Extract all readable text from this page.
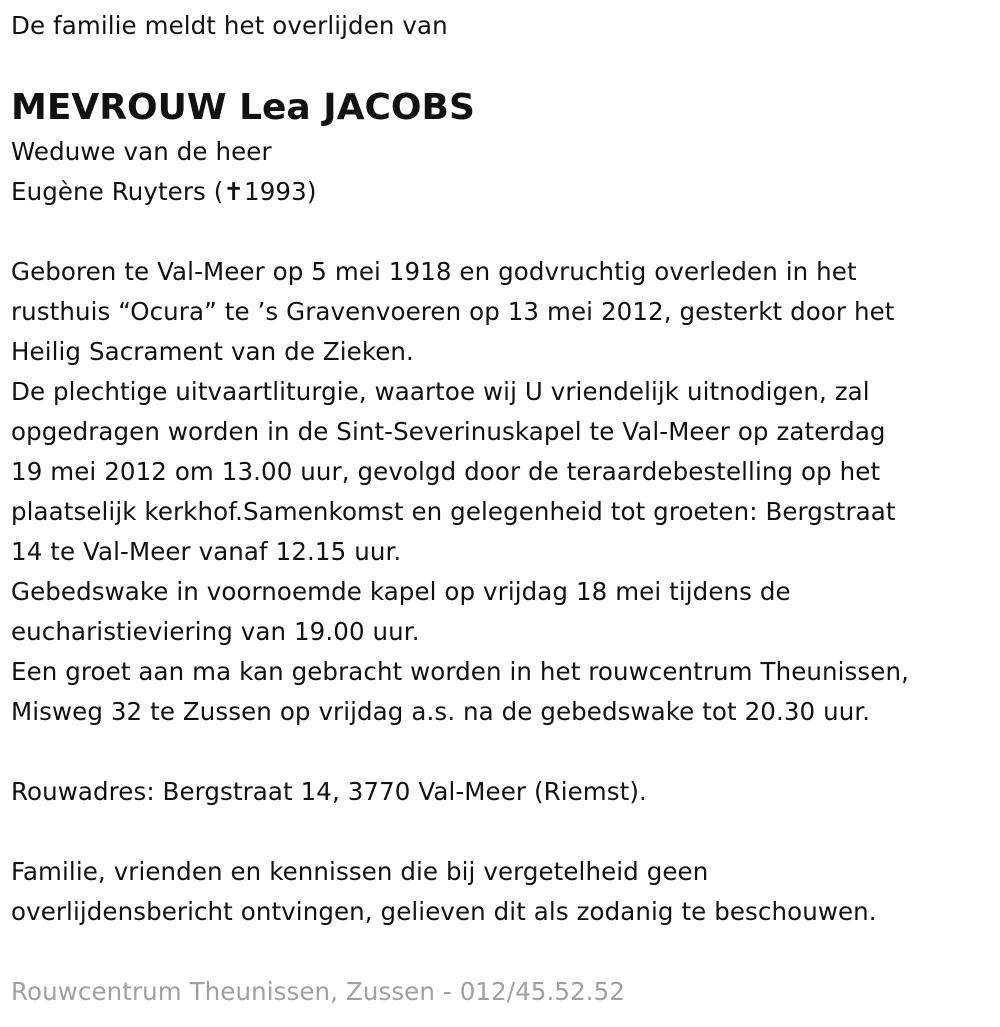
De familie meldt het overlijden van
MEVROUW Lea JACOBS
Weduwe van de heer
Eugène Ruyters (✝1993)
Geboren te Val-Meer op 5 mei 1918 en godvruchtig overleden in het
rusthuis “Ocura” te ’s Gravenvoeren op 13 mei 2012, gesterkt door het
Heilig Sacrament van de Zieken.
De plechtige uitvaartliturgie, waartoe wij U vriendelijk uitnodigen, zal
opgedragen worden in de Sint-Severinuskapel te Val-Meer op zaterdag
19 mei 2012 om 13.00 uur, gevolgd door de teraardebestelling op het
plaatselijk kerkhof.Samenkomst en gelegenheid tot groeten: Bergstraat
14 te Val-Meer vanaf 12.15 uur.
Gebedswake in voornoemde kapel op vrijdag 18 mei tijdens de
eucharistieviering van 19.00 uur.
Een groet aan ma kan gebracht worden in het rouwcentrum Theunissen,
Misweg 32 te Zussen op vrijdag a.s. na de gebedswake tot 20.30 uur.
Rouwadres: Bergstraat 14, 3770 Val-Meer (Riemst).
Familie, vrienden en kennissen die bij vergetelheid geen
overlijdensbericht ontvingen, gelieven dit als zodanig te beschouwen.
Rouwcentrum Theunissen, Zussen - 012/45.52.52
